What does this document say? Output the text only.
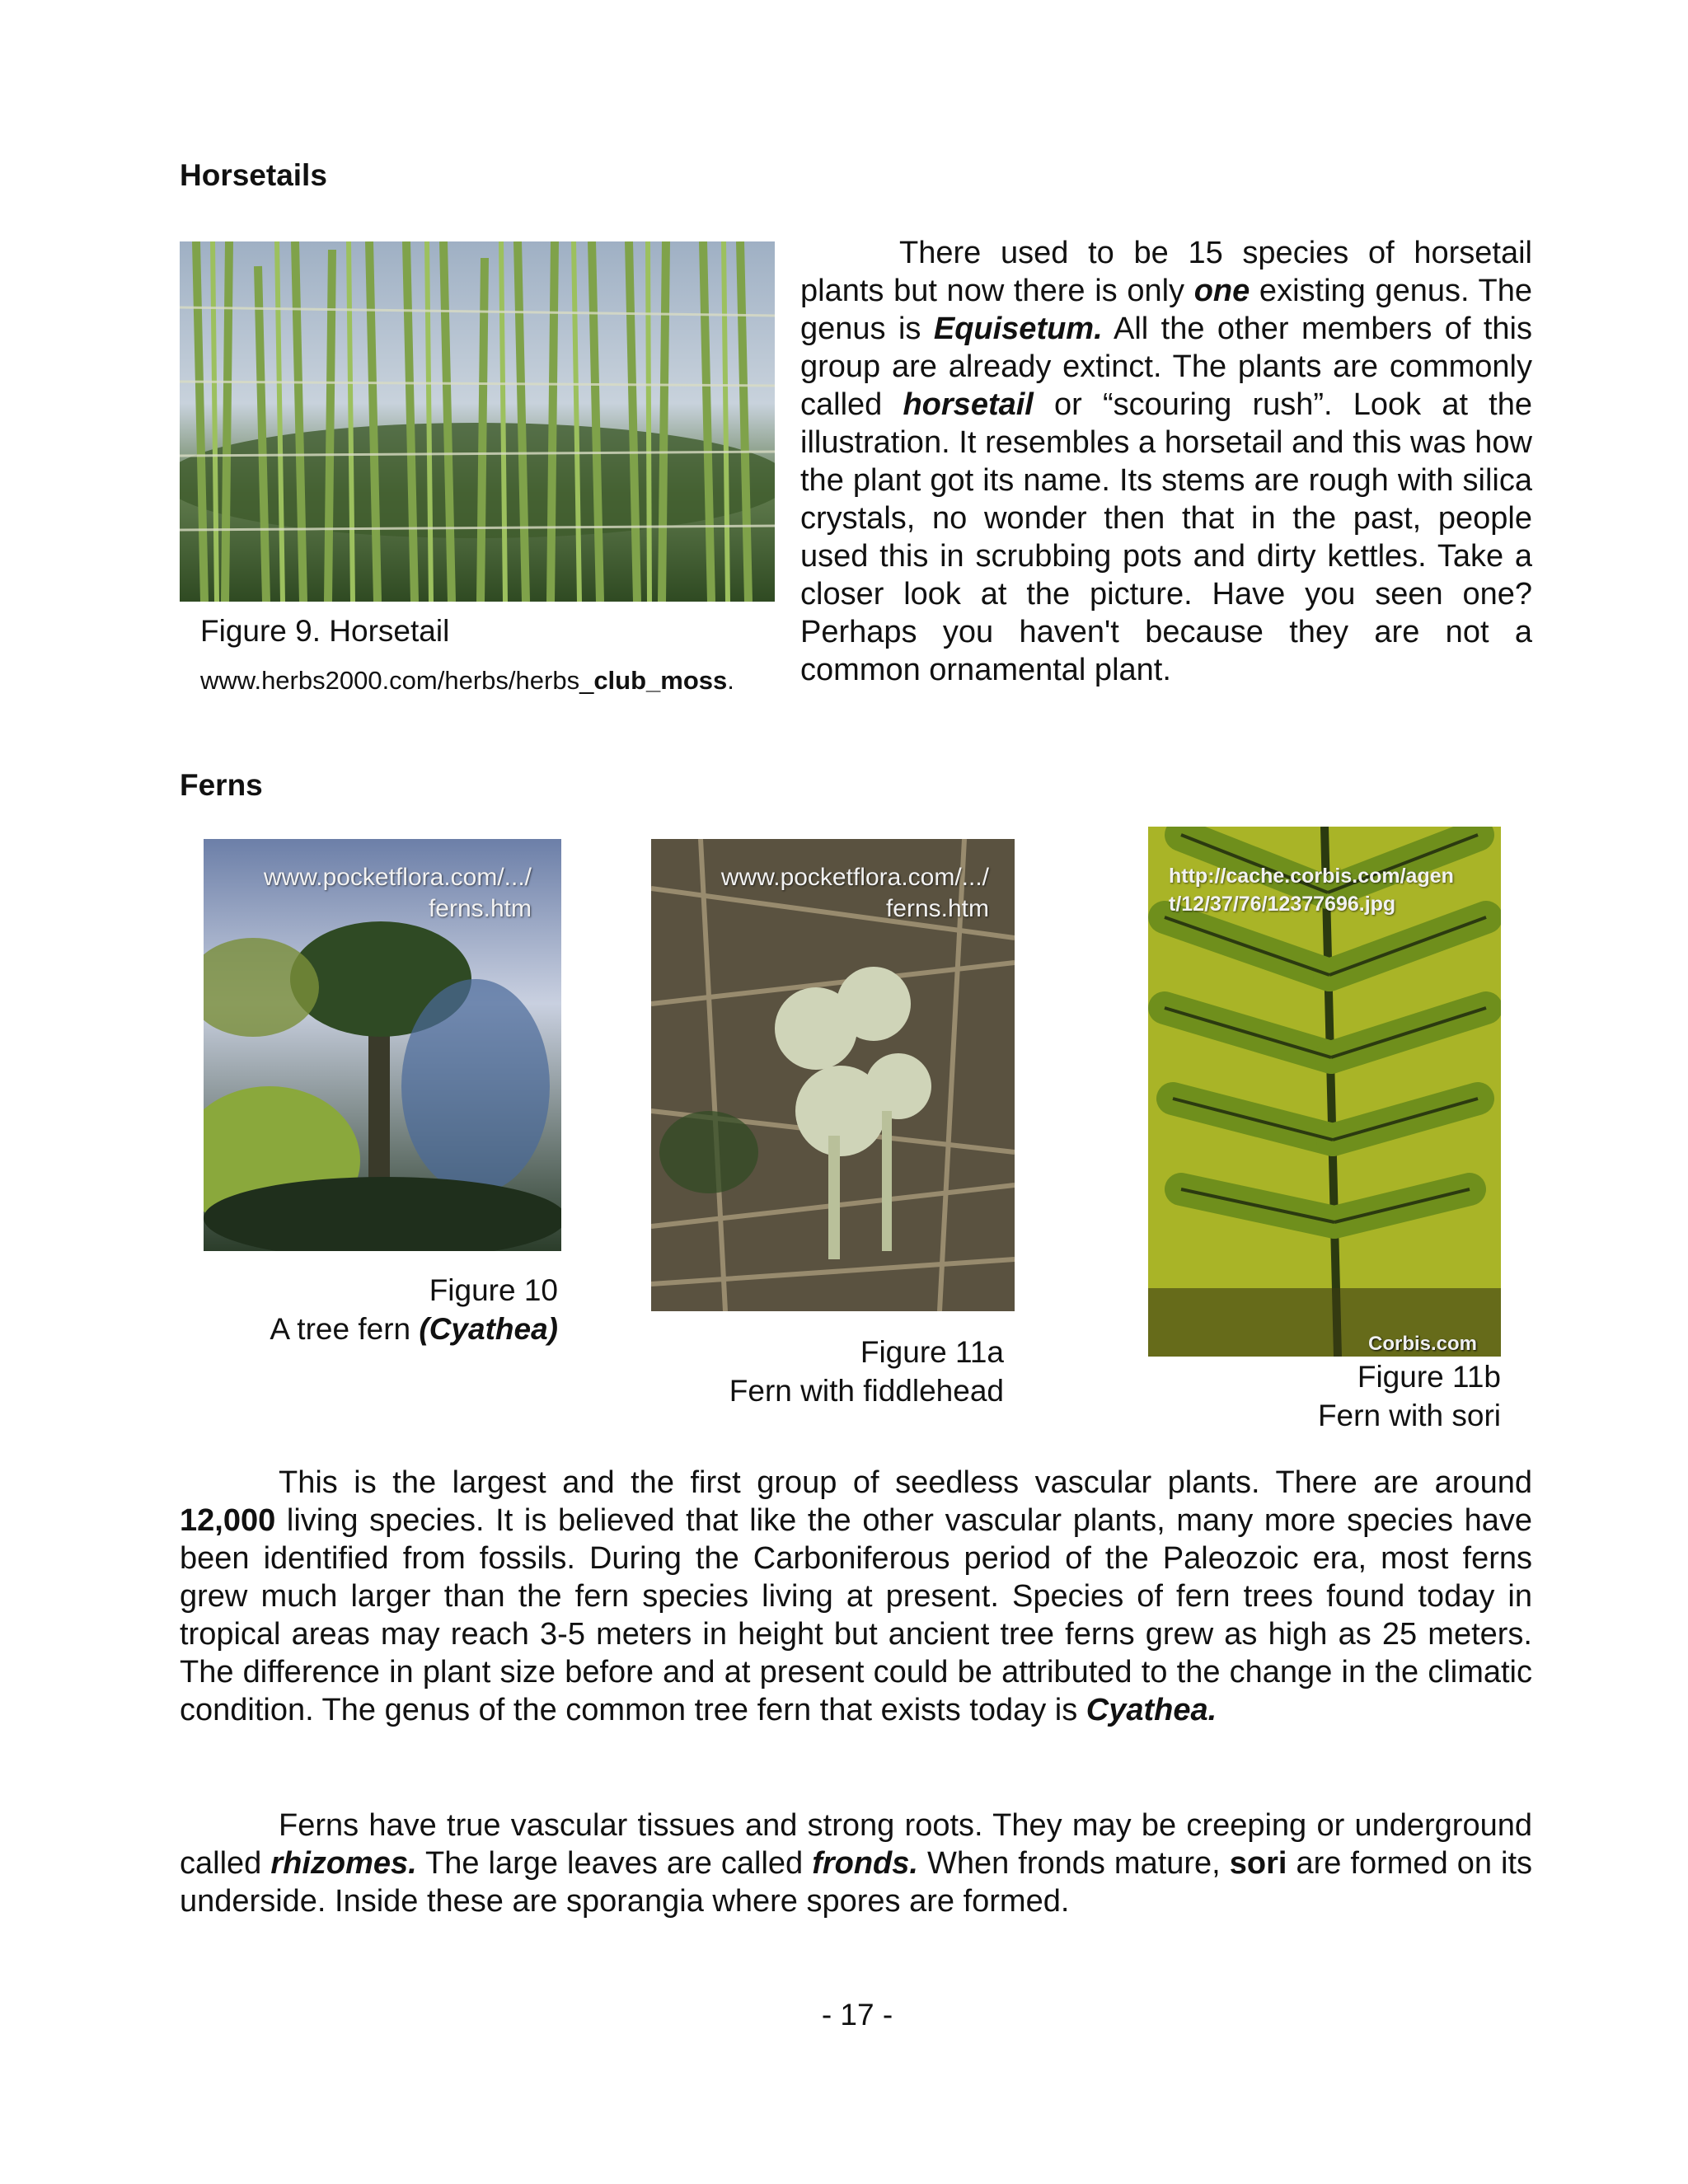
Horsetails
Figure 9. Horsetail
www.herbs2000.com/herbs/herbs_club_moss.
There used to be 15 species of horsetail plants but now there is only one existing genus. The genus is Equisetum. All the other members of this group are already extinct. The plants are commonly called horsetail or “scouring rush”. Look at the illustration. It resembles a horsetail and this was how the plant got its name. Its stems are rough with silica crystals, no wonder then that in the past, people used this in scrubbing pots and dirty kettles. Take a closer look at the picture. Have you seen one? Perhaps you haven't because they are not a common ornamental plant.
Ferns
www.pocketflora.com/.../
ferns.htm
Figure 10
A tree fern (Cyathea)
www.pocketflora.com/.../
ferns.htm
Figure 11a
Fern with fiddlehead
http://cache.corbis.com/agen
t/12/37/76/12377696.jpg
Corbis.com
Figure 11b
Fern with sori
This is the largest and the first group of seedless vascular plants. There are around 12,000 living species. It is believed that like the other vascular plants, many more species have been identified from fossils. During the Carboniferous period of the Paleozoic era, most ferns grew much larger than the fern species living at present. Species of fern trees found today in tropical areas may reach 3-5 meters in height but ancient tree ferns grew as high as 25 meters. The difference in plant size before and at present could be attributed to the change in the climatic condition. The genus of the common tree fern that exists today is Cyathea.
Ferns have true vascular tissues and strong roots. They may be creeping or underground called rhizomes. The large leaves are called fronds. When fronds mature, sori are formed on its underside. Inside these are sporangia where spores are formed.
- 17 -
